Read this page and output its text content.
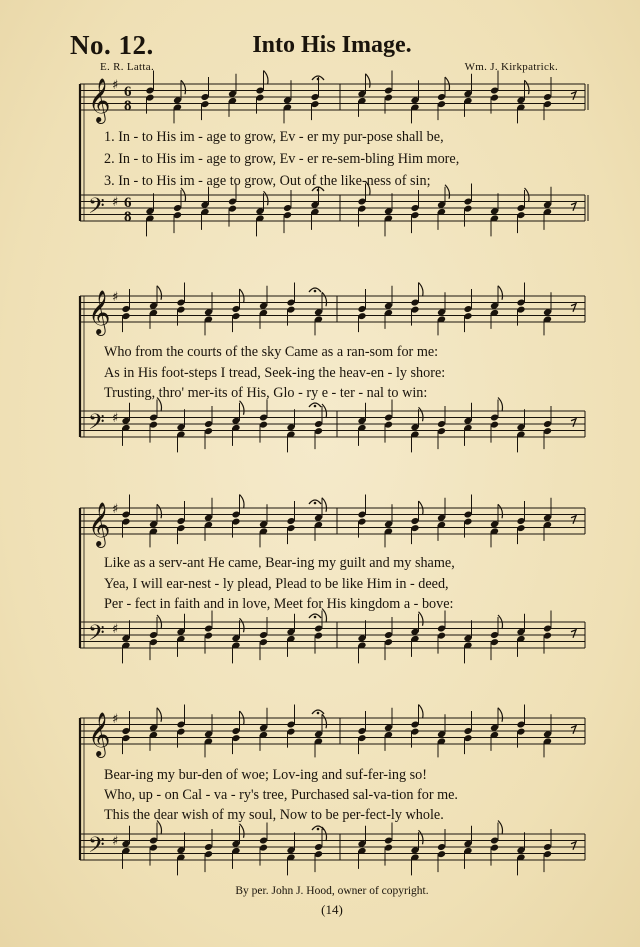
No. 12.	Into His Image.
E. R. Latta.	Wm. J. Kirkpatrick.
𝄞 ♯ 6
8
𝄢 ♯ 6
8
𝄞 ♯
𝄢 ♯
𝄞 ♯
𝄢 ♯
𝄞 ♯
𝄢 ♯
1. In - to His im - age to grow, Ev - er my pur-pose shall be,
2. In - to His im - age to grow, Ev - er re-sem-bling Him more,
3. In - to His im - age to grow, Out of the like-ness of sin;
Who from the courts of the sky Came as a ran-som for me:
As in His foot-steps I tread, Seek-ing the heav-en - ly shore:
Trusting, thro' mer-its of His, Glo - ry e - ter - nal to win:
Like as a serv-ant He came, Bear-ing my guilt and my shame,
Yea, I will ear-nest - ly plead, Plead to be like Him in - deed,
Per - fect in faith and in love, Meet for His kingdom a - bove:
Bear-ing my bur-den of woe; Lov-ing and suf-fer-ing so!
Who, up - on Cal - va - ry's tree, Purchased sal-va-tion for me.
This the dear wish of my soul, Now to be per-fect-ly whole.
By per. John J. Hood, owner of copyright.
(14)
